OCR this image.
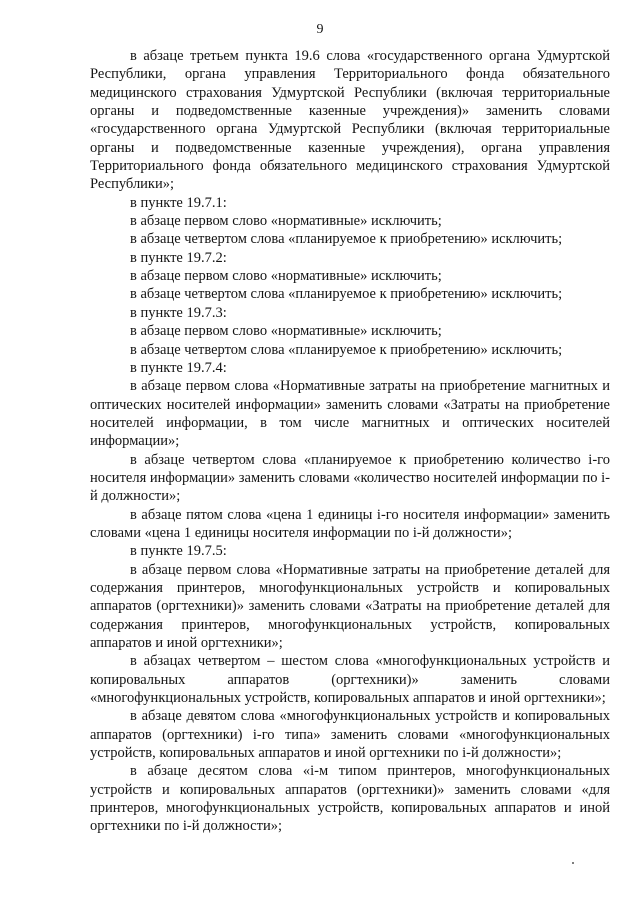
9

в абзаце третьем пункта 19.6 слова «государственного органа Удмуртской Республики, органа управления Территориального фонда обязательного медицинского страхования Удмуртской Республики (включая территориальные органы и подведомственные казенные учреждения)» заменить словами «государственного органа Удмуртской Республики (включая территориальные органы и подведомственные казенные учреждения), органа управления Территориального фонда обязательного медицинского страхования Удмуртской Республики»;

в пункте 19.7.1:

в абзаце первом слово «нормативные» исключить;

в абзаце четвертом слова «планируемое к приобретению» исключить;

в пункте 19.7.2:

в абзаце первом слово «нормативные» исключить;

в абзаце четвертом слова «планируемое к приобретению» исключить;

в пункте 19.7.3:

в абзаце первом слово «нормативные» исключить;

в абзаце четвертом слова «планируемое к приобретению» исключить;

в пункте 19.7.4:

в абзаце первом слова «Нормативные затраты на приобретение магнитных и оптических носителей информации» заменить словами «Затраты на приобретение носителей информации, в том числе магнитных и оптических носителей информации»;

в абзаце четвертом слова «планируемое к приобретению количество i-го носителя информации» заменить словами «количество носителей информации по i-й должности»;

в абзаце пятом слова «цена 1 единицы i-го носителя информации» заменить словами «цена 1 единицы носителя информации по i-й должности»;

в пункте 19.7.5:

в абзаце первом слова «Нормативные затраты на приобретение деталей для содержания принтеров, многофункциональных устройств и копировальных аппаратов (оргтехники)» заменить словами «Затраты на приобретение деталей для содержания принтеров, многофункциональных устройств, копировальных аппаратов и иной оргтехники»;

в абзацах четвертом – шестом слова «многофункциональных устройств и копировальных аппаратов (оргтехники)» заменить словами «многофункциональных устройств, копировальных аппаратов и иной оргтехники»;

в абзаце девятом слова «многофункциональных устройств и копировальных аппаратов (оргтехники) i-го типа» заменить словами «многофункциональных устройств, копировальных аппаратов и иной оргтехники по i-й должности»;

в абзаце десятом слова «i-м типом принтеров, многофункциональных устройств и копировальных аппаратов (оргтехники)» заменить словами «для принтеров, многофункциональных устройств, копировальных аппаратов и иной оргтехники по i-й должности»;
